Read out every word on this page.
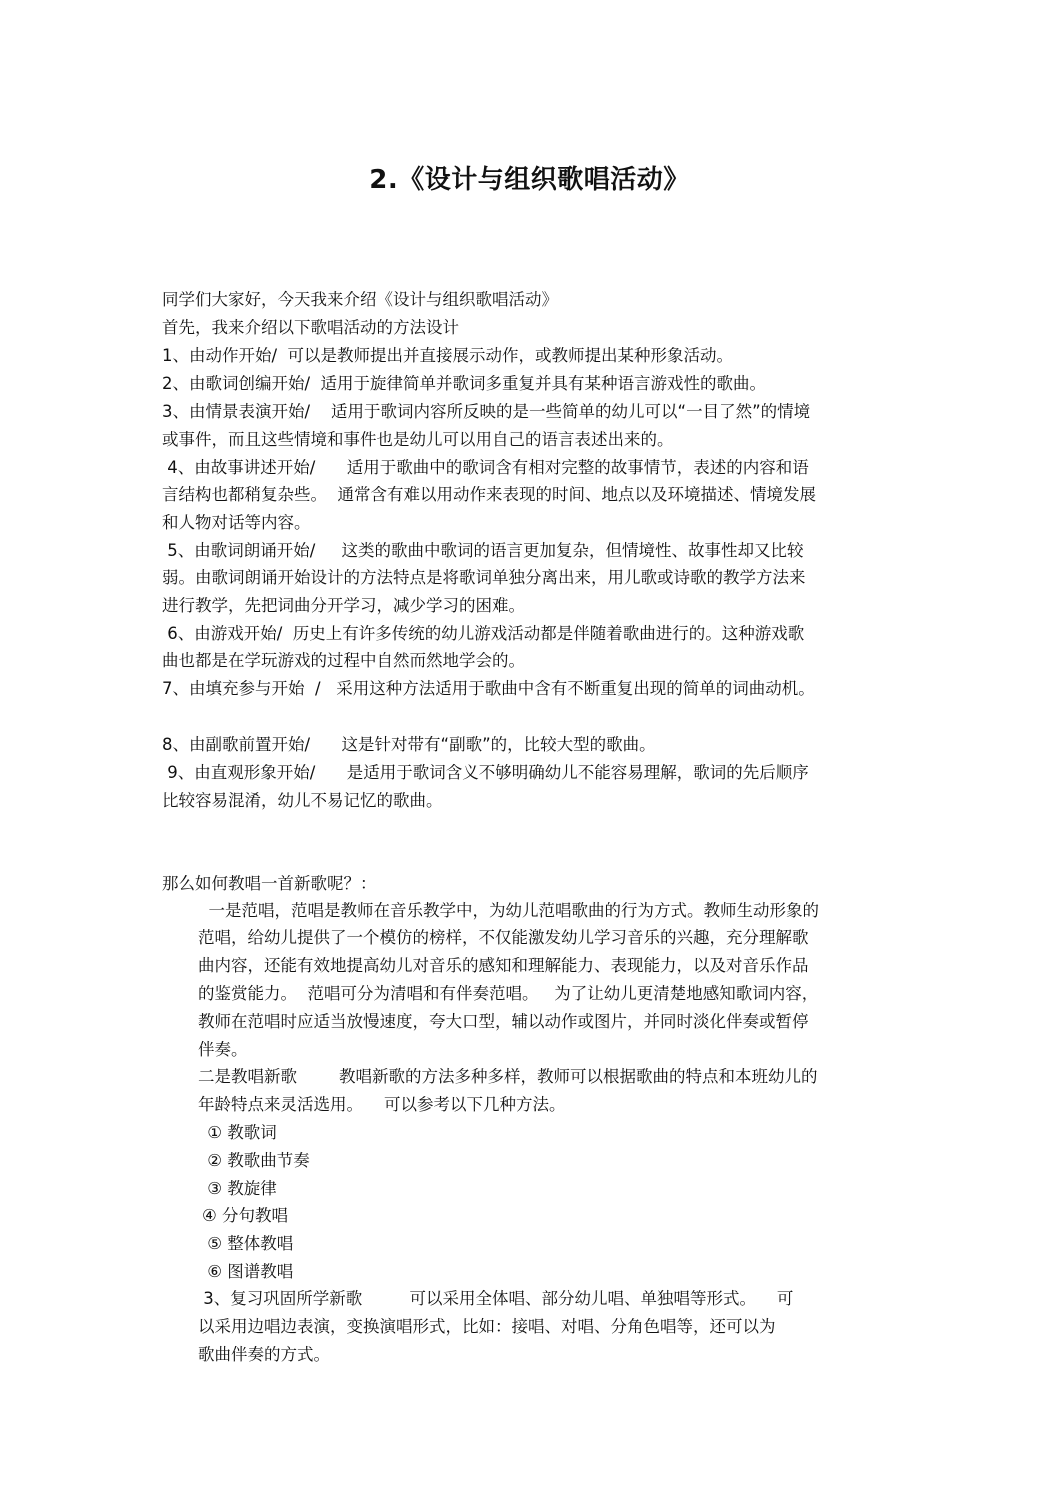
2.《设计与组织歌唱活动》
同学们大家好，今天我来介绍《设计与组织歌唱活动》
首先，我来介绍以下歌唱活动的方法设计
1、由动作开始/  可以是教师提出并直接展示动作，或教师提出某种形象活动。
2、由歌词创编开始/  适用于旋律简单并歌词多重复并具有某种语言游戏性的歌曲。
3、由情景表演开始/    适用于歌词内容所反映的是一些简单的幼儿可以“一目了然”的情境
或事件，而且这些情境和事件也是幼儿可以用自己的语言表述出来的。
4、由故事讲述开始/      适用于歌曲中的歌词含有相对完整的故事情节，表述的内容和语
言结构也都稍复杂些。  通常含有难以用动作来表现的时间、地点以及环境描述、情境发展
和人物对话等内容。
5、由歌词朗诵开始/     这类的歌曲中歌词的语言更加复杂，但情境性、故事性却又比较
弱。由歌词朗诵开始设计的方法特点是将歌词单独分离出来，用儿歌或诗歌的教学方法来
进行教学，先把词曲分开学习，减少学习的困难。
6、由游戏开始/  历史上有许多传统的幼儿游戏活动都是伴随着歌曲进行的。这种游戏歌
曲也都是在学玩游戏的过程中自然而然地学会的。
7、由填充参与开始  /   采用这种方法适用于歌曲中含有不断重复出现的简单的词曲动机。
8、由副歌前置开始/      这是针对带有“副歌”的，比较大型的歌曲。
9、由直观形象开始/      是适用于歌词含义不够明确幼儿不能容易理解，歌词的先后顺序
比较容易混淆，幼儿不易记忆的歌曲。
那么如何教唱一首新歌呢？：
一是范唱，范唱是教师在音乐教学中，为幼儿范唱歌曲的行为方式。教师生动形象的
范唱，给幼儿提供了一个模仿的榜样，不仅能激发幼儿学习音乐的兴趣，充分理解歌
曲内容，还能有效地提高幼儿对音乐的感知和理解能力、表现能力，以及对音乐作品
的鉴赏能力。  范唱可分为清唱和有伴奏范唱。   为了让幼儿更清楚地感知歌词内容，
教师在范唱时应适当放慢速度，夸大口型，辅以动作或图片，并同时淡化伴奏或暂停
伴奏。
二是教唱新歌        教唱新歌的方法多种多样，教师可以根据歌曲的特点和本班幼儿的
年龄特点来灵活选用。    可以参考以下几种方法。
① 教歌词
② 教歌曲节奏
③ 教旋律
④ 分句教唱
⑤ 整体教唱
⑥ 图谱教唱
3、复习巩固所学新歌         可以采用全体唱、部分幼儿唱、单独唱等形式。    可
以采用边唱边表演，变换演唱形式，比如：接唱、对唱、分角色唱等，还可以为
歌曲伴奏的方式。
